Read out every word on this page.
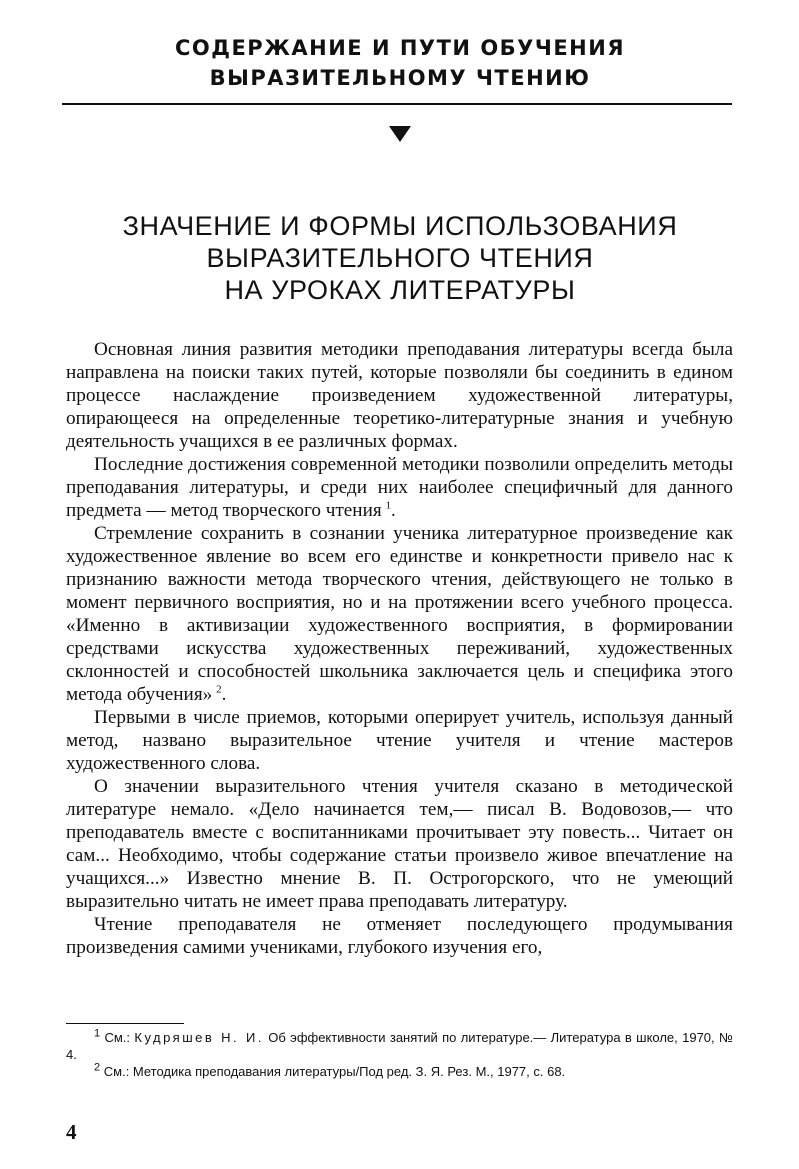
СОДЕРЖАНИЕ И ПУТИ ОБУЧЕНИЯ
ВЫРАЗИТЕЛЬНОМУ ЧТЕНИЮ
ЗНАЧЕНИЕ И ФОРМЫ ИСПОЛЬЗОВАНИЯ
ВЫРАЗИТЕЛЬНОГО ЧТЕНИЯ
НА УРОКАХ ЛИТЕРАТУРЫ

Основная линия развития методики преподавания литературы всегда была направлена на поиски таких путей, которые позволяли бы соединить в едином процессе наслаждение произведением художественной литературы, опирающееся на определенные теоретико-литературные знания и учебную деятельность учащихся в ее различных формах.

Последние достижения современной методики позволили определить методы преподавания литературы, и среди них наиболее специфичный для данного предмета — метод творческого чтения  $^1$.

Стремление сохранить в сознании ученика литературное произведение как художественное явление во всем его единстве и конкретности привело нас к признанию важности метода творческого чтения, действующего не только в момент первичного восприятия, но и на протяжении всего учебного процесса. «Именно в активизации художественного восприятия, в формировании средствами искусства художественных переживаний, художественных склонностей и способностей школьника заключается цель и специфика этого метода обучения»  $^2$.

Первыми в числе приемов, которыми оперирует учитель, используя данный метод, названо выразительное чтение учителя и чтение мастеров художественного слова.

О значении выразительного чтения учителя сказано в методической литературе немало. «Дело начинается тем,— писал В. Водовозов,— что преподаватель вместе с воспитанниками прочитывает эту повесть... Читает он сам... Необходимо, чтобы содержание статьи произвело живое впечатление на учащихся...» Известно мнение В. П. Острогорского, что не умеющий выразительно читать не имеет права преподавать литературу.

Чтение преподавателя не отменяет последующего продумывания произведения самими учениками, глубокого изучения его,

$^1$ См.: Кудряшев Н. И. Об эффективности занятий по литературе.— Литература в школе, 1970, № 4.

$^2$ См.: Методика преподавания литературы/Под ред. З. Я. Рез. М., 1977, с. 68.

4
